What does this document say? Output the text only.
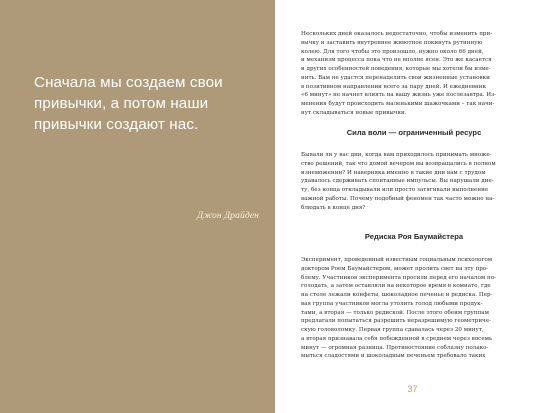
Сначала мы создаем свои
привычки, а потом наши
привычки создают нас.
Джон Драйден
Нескольких дней оказалось недостаточно, чтобы изменить при-
вычку и заставить внутреннее животное покинуть рутинную
колею. Для того чтобы это произошло, нужно около 66 дней,
и механизм процесса пока что не вполне ясен. Это же касается
и других особенностей поведения, которые мы хотели бы изме-
нить. Вам не удастся перенацелить свои жизненные установки
в позитивном направлении всего за пару дней. И ежедневник
«6 минут» не начнет влиять на вашу жизнь уже послезавтра. Из-
менения будут происходить маленькими шажочками – так начи-
нут складываться новые привычки.
Сила воли — ограниченный ресурс
Бывали ли у вас дни, когда вам приходилось принимать множе-
ство решений, так что домой вечером вы возвращались в полном
изнеможении? И наверняка именно в такие дни вам с трудом
удавалось сдерживать спонтанные импульсы. Вы нарушали дие-
ту, без конца откладывали или просто затягивали выполнение
важной работы. Почему подобный феномен так часто можно на-
блюдать в конце дня?
Редиска Роя Баумайстера
Эксперимент, проведенный известным социальным психологом
доктором Роем Баумайстером, может пролить свет на эту про-
блему. Участников эксперимента просили перед его началом по-
голодать, а затем оставляли на некоторое время в комнате, где
на столе лежали конфеты, шоколадное печенье и редиска. Пер-
вая группа участников могла утолить голод любыми продук-
тами, а вторая — только редиской. После этого обеим группам
предлагали попытаться разрешить неразрешимую геометриче-
скую головоломку. Первая группа сдавалась через 20 минут,
а вторая признавала себя побежденной в среднем через восемь
минут — огромная разница. Противостояние соблазну полако-
мыться сладостями и шоколадным печеньем требовало таких
37
